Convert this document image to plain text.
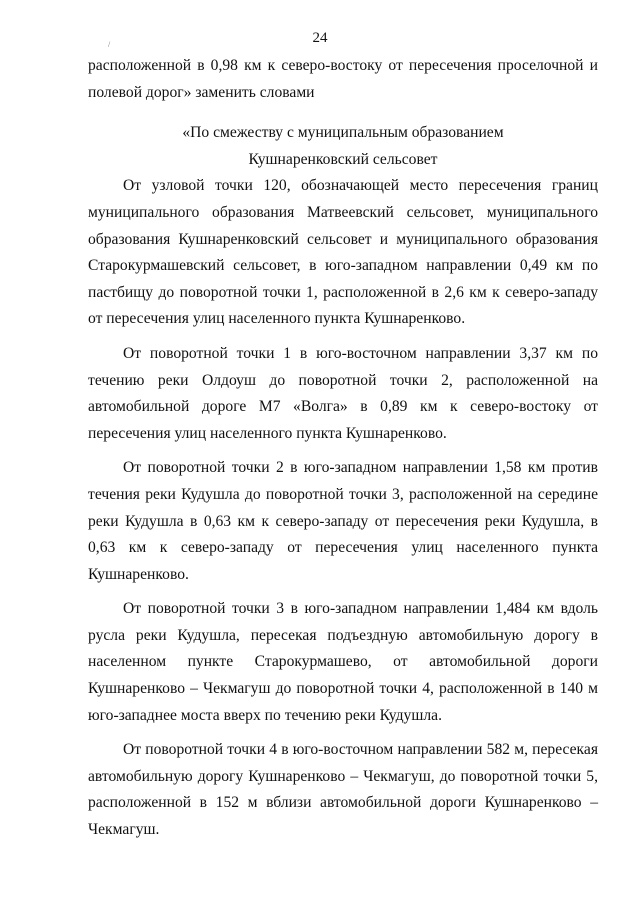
24
/

расположенной в 0,98 км к северо-востоку от пересечения проселочной и полевой дорог» заменить словами

«По смежеству с муниципальным образованием

Кушнаренковский сельсовет

От узловой точки 120, обозначающей место пересечения границ муниципального образования Матвеевский сельсовет, муниципального образования Кушнаренковский сельсовет и муниципального образования Старокурмашевский сельсовет, в юго-западном направлении 0,49 км по пастбищу до поворотной точки 1, расположенной в 2,6 км к северо-западу от пересечения улиц населенного пункта Кушнаренково.

От поворотной точки 1 в юго-восточном направлении 3,37 км по течению реки Олдоуш до поворотной точки 2, расположенной на автомобильной дороге М7 «Волга» в 0,89 км к северо-востоку от пересечения улиц населенного пункта Кушнаренково.

От поворотной точки 2 в юго-западном направлении 1,58 км против течения реки Кудушла до поворотной точки 3, расположенной на середине реки Кудушла в 0,63 км к северо-западу от пересечения реки Кудушла, в 0,63 км к северо-западу от пересечения улиц населенного пункта Кушнаренково.

От поворотной точки 3 в юго-западном направлении 1,484 км вдоль русла реки Кудушла, пересекая подъездную автомобильную дорогу в населенном пункте Старокурмашево, от автомобильной дороги Кушнаренково – Чекмагуш до поворотной точки 4, расположенной в 140 м юго-западнее моста вверх по течению реки Кудушла.

От поворотной точки 4 в юго-восточном направлении 582 м, пересекая автомобильную дорогу Кушнаренково – Чекмагуш, до поворотной точки 5, расположенной в 152 м вблизи автомобильной дороги Кушнаренково – Чекмагуш.
